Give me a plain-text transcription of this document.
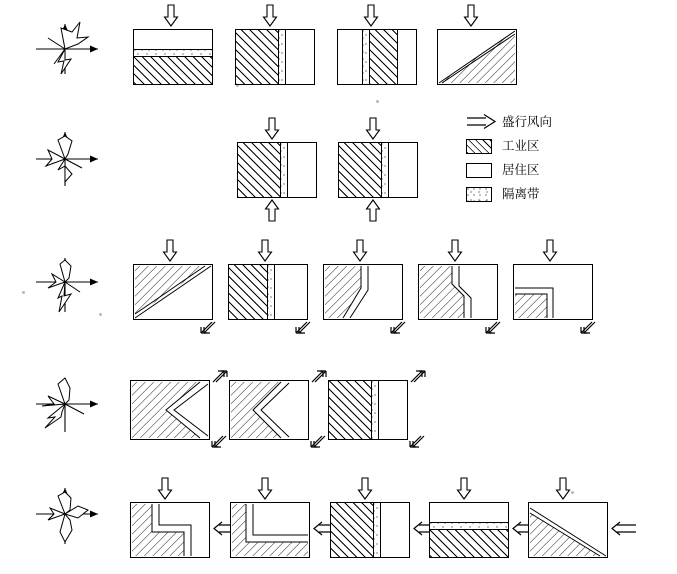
盛行风向
工业区
居住区
隔离带
